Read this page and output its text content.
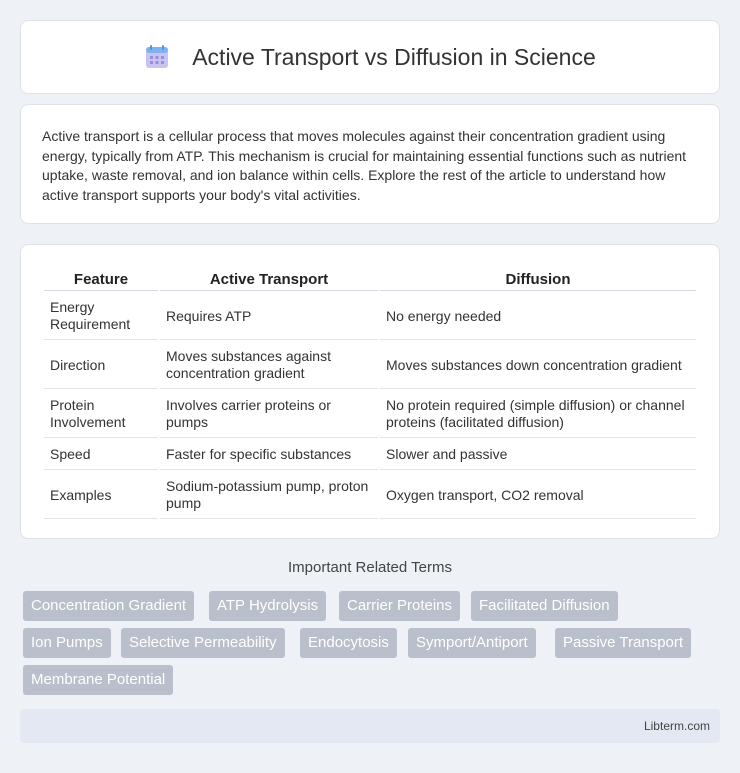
Active Transport vs Diffusion in Science

Active transport is a cellular process that moves molecules against their concentration gradient using energy, typically from ATP. This mechanism is crucial for maintaining essential functions such as nutrient uptake, waste removal, and ion balance within cells. Explore the rest of the article to understand how active transport supports your body's vital activities.

Feature	Active Transport	Diffusion
Energy Requirement	Requires ATP	No energy needed
Direction	Moves substances against concentration gradient	Moves substances down concentration gradient
Protein Involvement	Involves carrier proteins or pumps	No protein required (simple diffusion) or channel proteins (facilitated diffusion)
Speed	Faster for specific substances	Slower and passive
Examples	Sodium-potassium pump, proton pump	Oxygen transport, CO2 removal
Important Related Terms
Concentration Gradient	ATP Hydrolysis	Carrier Proteins	Facilitated Diffusion
Ion Pumps	Selective Permeability	Endocytosis	Symport/Antiport	Passive Transport
Membrane Potential
Libterm.com
